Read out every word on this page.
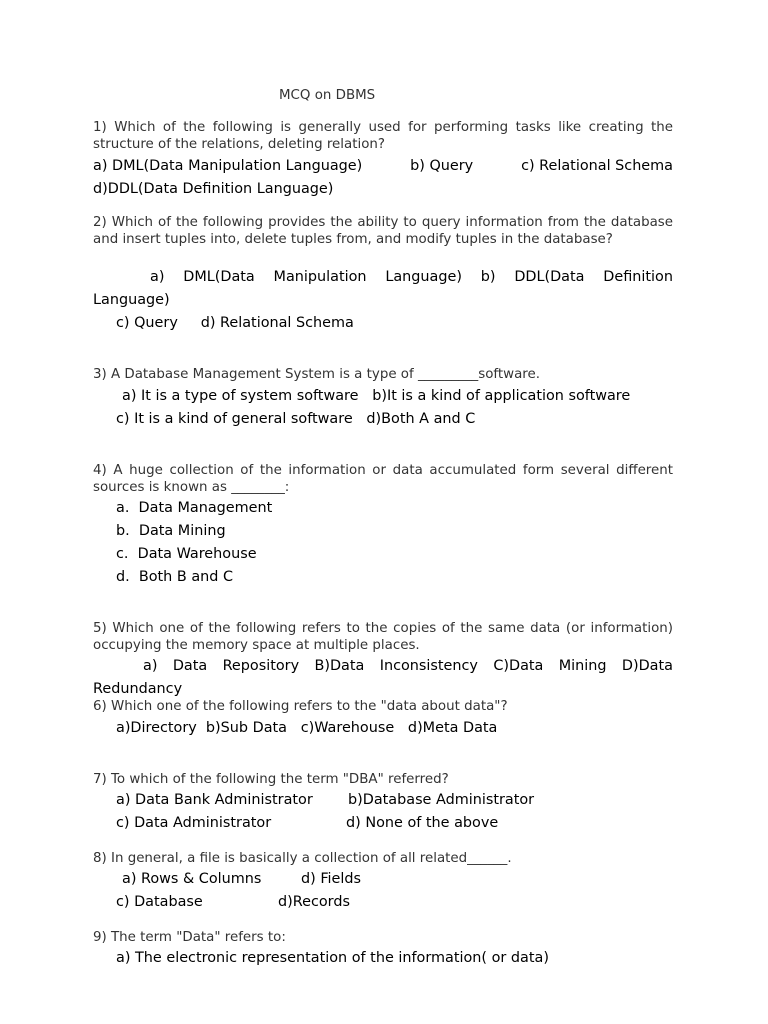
MCQ on DBMS

1) Which of the following is generally used for performing tasks like creating the structure of the relations, deleting relation?

a) DML(Data Manipulation Language)	b) Query	c) Relational Schema

d)DDL(Data Definition Language)

2) Which of the following provides the ability to query information from the database and insert tuples into, delete tuples from, and modify tuples in the database?

a) DML(Data Manipulation Language) b) DDL(Data Definition

Language)

c) Query     d) Relational Schema

3) A Database Management System is a type of _________software.

a) It is a type of system software   b)It is a kind of application software

c) It is a kind of general software   d)Both A and C

4) A huge collection of the information or data accumulated form several different sources is known as ________:

a.  Data Management

b.  Data Mining

c.  Data Warehouse

d.  Both B and C

5) Which one of the following refers to the copies of the same data (or information) occupying the memory space at multiple places.

a) Data Repository B)Data Inconsistency C)Data Mining D)Data

Redundancy

6) Which one of the following refers to the "data about data"?

a)Directory  b)Sub Data   c)Warehouse   d)Meta Data

7) To which of the following the term "DBA" referred?

a) Data Bank Administrator b)Database Administrator

c) Data Administrator	d) None of the above

8) In general, a file is basically a collection of all related______.

a) Rows & Columns	d) Fields

c) Database	d)Records

9) The term "Data" refers to:

a) The electronic representation of the information( or data)
